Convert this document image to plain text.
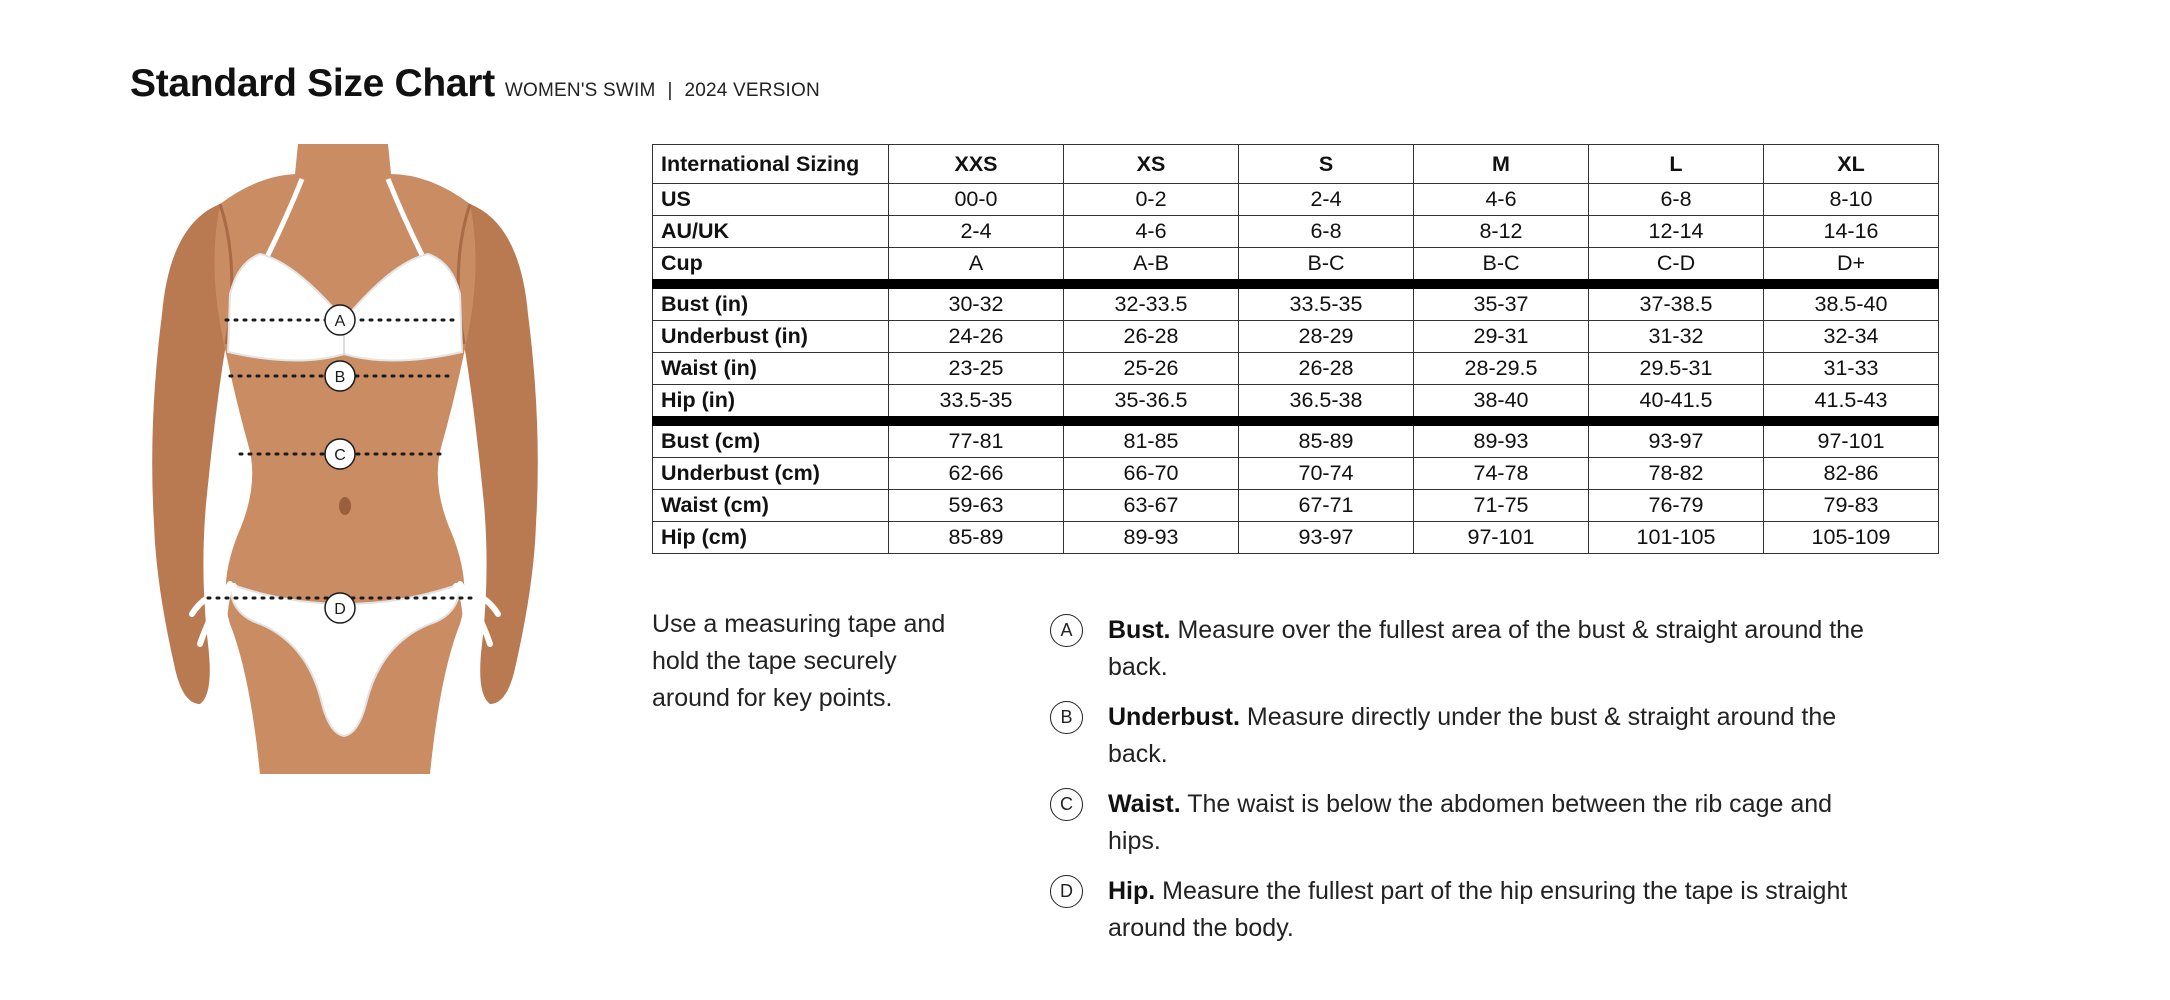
Standard Size Chart WOMEN'S SWIM | 2024 VERSION
A
B
C
D
International Sizing	XXS	XS	S	M	L	XL
US	00-0	0-2	2-4	4-6	6-8	8-10
AU/UK	2-4	4-6	6-8	8-12	12-14	14-16
Cup	A	A-B	B-C	B-C	C-D	D+
Bust (in)	30-32	32-33.5	33.5-35	35-37	37-38.5	38.5-40
Underbust (in)	24-26	26-28	28-29	29-31	31-32	32-34
Waist (in)	23-25	25-26	26-28	28-29.5	29.5-31	31-33
Hip (in)	33.5-35	35-36.5	36.5-38	38-40	40-41.5	41.5-43
Bust (cm)	77-81	81-85	85-89	89-93	93-97	97-101
Underbust (cm)	62-66	66-70	70-74	74-78	78-82	82-86
Waist (cm)	59-63	63-67	67-71	71-75	76-79	79-83
Hip (cm)	85-89	89-93	93-97	97-101	101-105	105-109
Use a measuring tape and hold the tape securely around for key points.
A	Bust. Measure over the fullest area of the bust & straight around the back.
B	Underbust. Measure directly under the bust & straight around the back.
C	Waist. The waist is below the abdomen between the rib cage and hips.
D	Hip. Measure the fullest part of the hip ensuring the tape is straight around the body.
